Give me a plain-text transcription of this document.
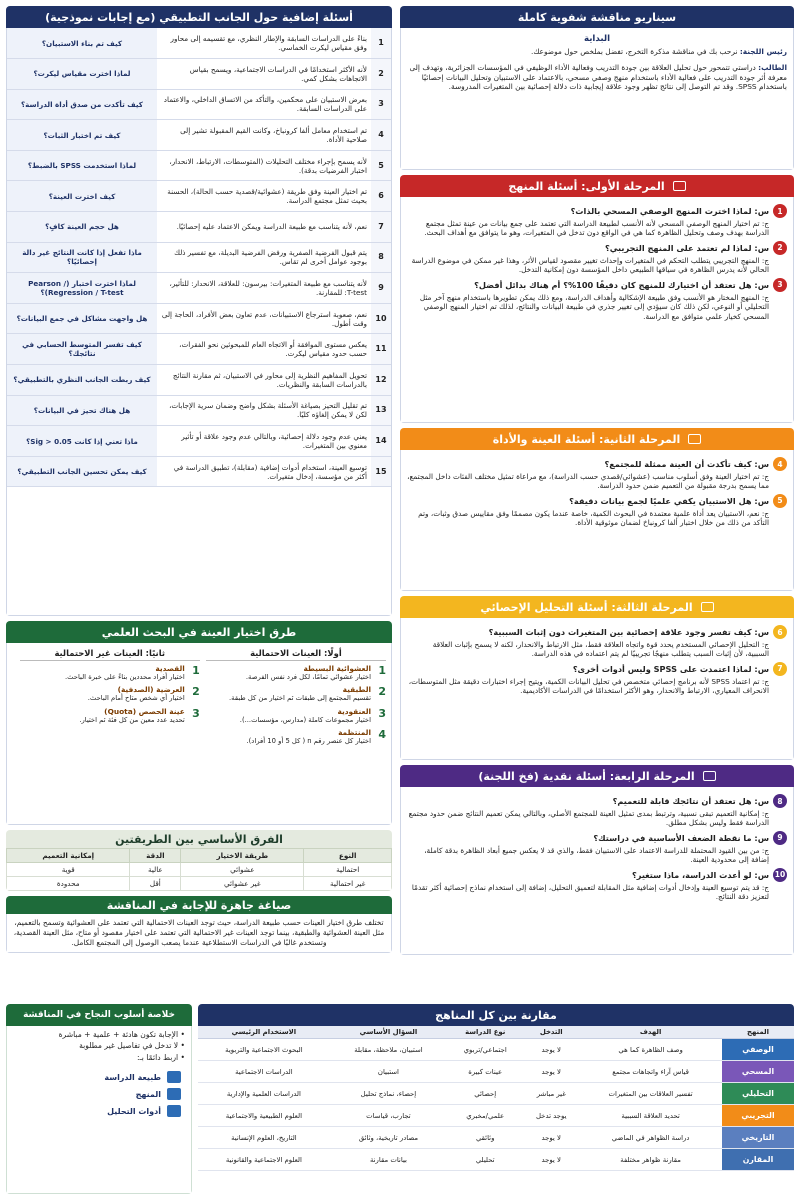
سيناريو مناقشة شفوية كاملة
البداية
رئيس اللجنة: نرحب بك في مناقشة مذكرة التخرج، تفضل بملخص حول موضوعك.
الطالب: دراستي تتمحور حول تحليل العلاقة بين جودة التدريب وفعالية الأداء الوظيفي في المؤسسات الجزائرية، وتهدف إلى معرفة أثر جودة التدريب على فعالية الأداء باستخدام منهج وصفي مسحي، بالاعتماد على الاستبيان وتحليل البيانات إحصائيًا باستخدام SPSS. وقد تم التوصل إلى نتائج تظهر وجود علاقة إيجابية ذات دلالة إحصائية بين المتغيرات المدروسة.
المرحلة الأولى: أسئلة المنهج
1
س: لماذا اخترت المنهج الوصفي المسحي بالذات؟
ج: تم اختيار المنهج الوصفي المسحي لأنه الأنسب لطبيعة الدراسة التي تعتمد على جمع بيانات من عينة تمثل مجتمع الدراسة بهدف وصف وتحليل الظاهرة كما هي في الواقع دون تدخل في المتغيرات، وهو ما يتوافق مع أهداف البحث.
2
س: لماذا لم تعتمد على المنهج التجريبي؟
ج: المنهج التجريبي يتطلب التحكم في المتغيرات وإحداث تغيير مقصود لقياس الأثر، وهذا غير ممكن في موضوع الدراسة الحالي لأنه يدرس الظاهرة في سياقها الطبيعي داخل المؤسسة دون إمكانية التدخل.
3
س: هل تعتقد أن اختيارك للمنهج كان دقيقًا 100%؟ أم هناك بدائل أفضل؟
ج: المنهج المختار هو الأنسب وفق طبيعة الإشكالية وأهداف الدراسة، ومع ذلك يمكن تطويرها باستخدام منهج آخر مثل التحليلي أو النوعي، لكن ذلك كان سيؤدي إلى تغيير جذري في طبيعة البيانات والنتائج، لذلك تم اختيار المنهج الوصفي المسحي كخيار علمي متوافق مع الدراسة.
المرحلة الثانية: أسئلة العينة والأداة
4
س: كيف تأكدت أن العينة ممثلة للمجتمع؟
ج: تم اختيار العينة وفق أسلوب مناسب (عشوائي/قصدي حسب الدراسة)، مع مراعاة تمثيل مختلف الفئات داخل المجتمع، مما يسمح بدرجة مقبولة من التعميم ضمن حدود الدراسة.
5
س: هل الاستبيان يكفي علميًا لجمع بيانات دقيقة؟
ج: نعم، الاستبيان يعد أداة علمية معتمدة في البحوث الكمية، خاصة عندما يكون مصممًا وفق مقاييس صدق وثبات، وتم التأكد من ذلك من خلال اختبار ألفا كرونباخ لضمان موثوقية الأداة.
المرحلة الثالثة: أسئلة التحليل الإحصائي
6
س: كيف تفسر وجود علاقة إحصائية بين المتغيرات دون إثبات السببية؟
ج: التحليل الإحصائي المستخدم يحدد قوة واتجاه العلاقة فقط، مثل الارتباط والانحدار، لكنه لا يسمح بإثبات العلاقة السببية، لأن إثبات السبب يتطلب منهجًا تجريبيًا لم يتم اعتماده في هذه الدراسة.
7
س: لماذا اعتمدت على SPSS وليس أدوات أخرى؟
ج: تم اعتماد SPSS لأنه برنامج إحصائي متخصص في تحليل البيانات الكمية، ويتيح إجراء اختبارات دقيقة مثل المتوسطات، الانحراف المعياري، الارتباط والانحدار، وهو الأكثر استخدامًا في الدراسات الأكاديمية.
المرحلة الرابعة: أسئلة نقدية (فخ اللجنة)
8
س: هل تعتقد أن نتائجك قابلة للتعميم؟
ج: إمكانية التعميم تبقى نسبية، وترتبط بمدى تمثيل العينة للمجتمع الأصلي، وبالتالي يمكن تعميم النتائج ضمن حدود مجتمع الدراسة فقط وليس بشكل مطلق.
9
س: ما نقطة الضعف الأساسية في دراستك؟
ج: من بين القيود المحتملة للدراسة الاعتماد على الاستبيان فقط، والذي قد لا يعكس جميع أبعاد الظاهرة بدقة كاملة، إضافة إلى محدودية العينة.
10
س: لو أعدت الدراسة، ماذا ستغير؟
ج: قد يتم توسيع العينة وإدخال أدوات إضافية مثل المقابلة لتعميق التحليل، إضافة إلى استخدام نماذج إحصائية أكثر تقدمًا لتعزيز دقة النتائج.
أسئلة إضافية حول الجانب التطبيقي (مع إجابات نموذجية)
1	بناءً على الدراسات السابقة والإطار النظري، مع تقسيمه إلى محاور وفق مقياس ليكرت الخماسي.	كيف تم بناء الاستبيان؟
2	لأنه الأكثر استخدامًا في الدراسات الاجتماعية، ويسمح بقياس الاتجاهات بشكل كمي.	لماذا اخترت مقياس ليكرت؟
3	بعرض الاستبيان على محكمين، والتأكد من الاتساق الداخلي، والاعتماد على الدراسات السابقة.	كيف تأكدت من صدق أداة الدراسة؟
4	تم استخدام معامل ألفا كرونباخ، وكانت القيم المقبولة تشير إلى صلاحية الأداة.	كيف تم اختبار الثبات؟
5	لأنه يسمح بإجراء مختلف التحليلات (المتوسطات، الارتباط، الانحدار، اختبار الفرضيات بدقة).	لماذا استخدمت SPSS بالضبط؟
6	تم اختيار العينة وفق طريقة (عشوائية/قصدية حسب الحالة)، الحسنة بحيث تمثل مجتمع الدراسة.	كيف اخترت العينة؟
7	نعم، لأنه يتناسب مع طبيعة الدراسة ويمكن الاعتماد عليه إحصائيًا.	هل حجم العينة كافٍ؟
8	يتم قبول الفرضية الصفرية ورفض الفرضية البديلة، مع تفسير ذلك بوجود عوامل أخرى لم تقاس.	ماذا تفعل إذا كانت النتائج غير دالة إحصائيًا؟
9	لأنه يتناسب مع طبيعة المتغيرات: بيرسون: للعلاقة، الانحدار: للتأثير، T-test: للمقارنة.	لماذا اخترت اختبار (Pearson / Regression / T-test)؟
10	نعم، صعوبة استرجاع الاستبيانات، عدم تعاون بعض الأفراد، الحاجة إلى وقت أطول.	هل واجهت مشاكل في جمع البيانات؟
11	يعكس مستوى الموافقة أو الاتجاه العام للمبحوثين نحو الفقرات، حسب حدود مقياس ليكرت.	كيف تفسر المتوسط الحسابي في نتائجك؟
12	تحويل المفاهيم النظرية إلى محاور في الاستبيان، ثم مقارنة النتائج بالدراسات السابقة والنظريات.	كيف ربطت الجانب النظري بالتطبيقي؟
13	تم تقليل التحيز بصياغة الأسئلة بشكل واضح وضمان سرية الإجابات، لكن لا يمكن إلغاؤه كليًا.	هل هناك تحيز في البيانات؟
14	يعني عدم وجود دلالة إحصائية، وبالتالي عدم وجود علاقة أو تأثير معنوي بين المتغيرات.	ماذا تعني إذا كانت Sig > 0.05؟
15	توسيع العينة، استخدام أدوات إضافية (مقابلة)، تطبيق الدراسة في أكثر من مؤسسة، إدخال متغيرات.	كيف يمكن تحسين الجانب التطبيقي؟
طرق اختيار العينة في البحث العلمي
أولًا: العينات الاحتمالية
1
العشوائية البسيطة
اختيار عشوائي تمامًا، لكل فرد نفس الفرصة.
2
الطبقية
تقسيم المجتمع إلى طبقات ثم اختيار من كل طبقة.
3
العنقودية
اختيار مجموعات كاملة (مدارس، مؤسسات...).
4
المنتظمة
اختيار كل عنصر رقم n ( كل 5 أو 10 أفراد).
ثانيًا: العينات غير الاحتمالية
1
القصدية
اختيار أفراد محددين بناءً على خبرة الباحث.
2
العرضية (الصدفية)
اختيار أي شخص متاح أمام الباحث.
3
عينة الحصص (Quota)
تحديد عدد معين من كل فئة ثم اختيار.
الفرق الأساسي بين الطريقتين
النوع	طريقة الاختيار	الدقة	إمكانية التعميم
احتمالية	عشوائي	عالية	قوية
غير احتمالية	غير عشوائي	أقل	محدودة
صياغة جاهزة للإجابة في المناقشة
تختلف طرق اختيار العينات حسب طبيعة الدراسة، حيث توجد العينات الاحتمالية التي تعتمد على العشوائية وتسمح بالتعميم، مثل العينة العشوائية والطبقية، بينما توجد العينات غير الاحتمالية التي تعتمد على اختيار مقصود أو متاح، مثل العينة القصدية، وتستخدم غالبًا في الدراسات الاستطلاعية عندما يصعب الوصول إلى المجتمع الكامل.
مقارنة بين كل المناهج
المنهج	الهدف	التدخل	نوع الدراسة	السؤال الأساسي	الاستخدام الرئيسي
الوصفي	وصف الظاهرة كما هي	لا يوجد	اجتماعي/تربوي	استبيان، ملاحظة، مقابلة	البحوث الاجتماعية والتربوية
المسحي	قياس آراء واتجاهات مجتمع	لا يوجد	عينات كبيرة	استبيان	الدراسات الاجتماعية
التحليلي	تفسير العلاقات بين المتغيرات	غير مباشر	إحصائي	إحصاء، نماذج تحليل	الدراسات العلمية والإدارية
التجريبي	تحديد العلاقة السببية	يوجد تدخل	علمي/مخبري	تجارب، قياسات	العلوم الطبيعية والاجتماعية
التاريخي	دراسة الظواهر في الماضي	لا يوجد	وثائقي	مصادر تاريخية، وثائق	التاريخ، العلوم الإنسانية
المقارن	مقارنة ظواهر مختلفة	لا يوجد	تحليلي	بيانات مقارنة	العلوم الاجتماعية والقانونية
خلاصة أسلوب النجاح في المناقشة
• الإجابة تكون هادئة + علمية + مباشرة
• لا تدخل في تفاصيل غير مطلوبة
• اربط دائمًا بـ:
طبيعة الدراسة
المنهج
أدوات التحليل
